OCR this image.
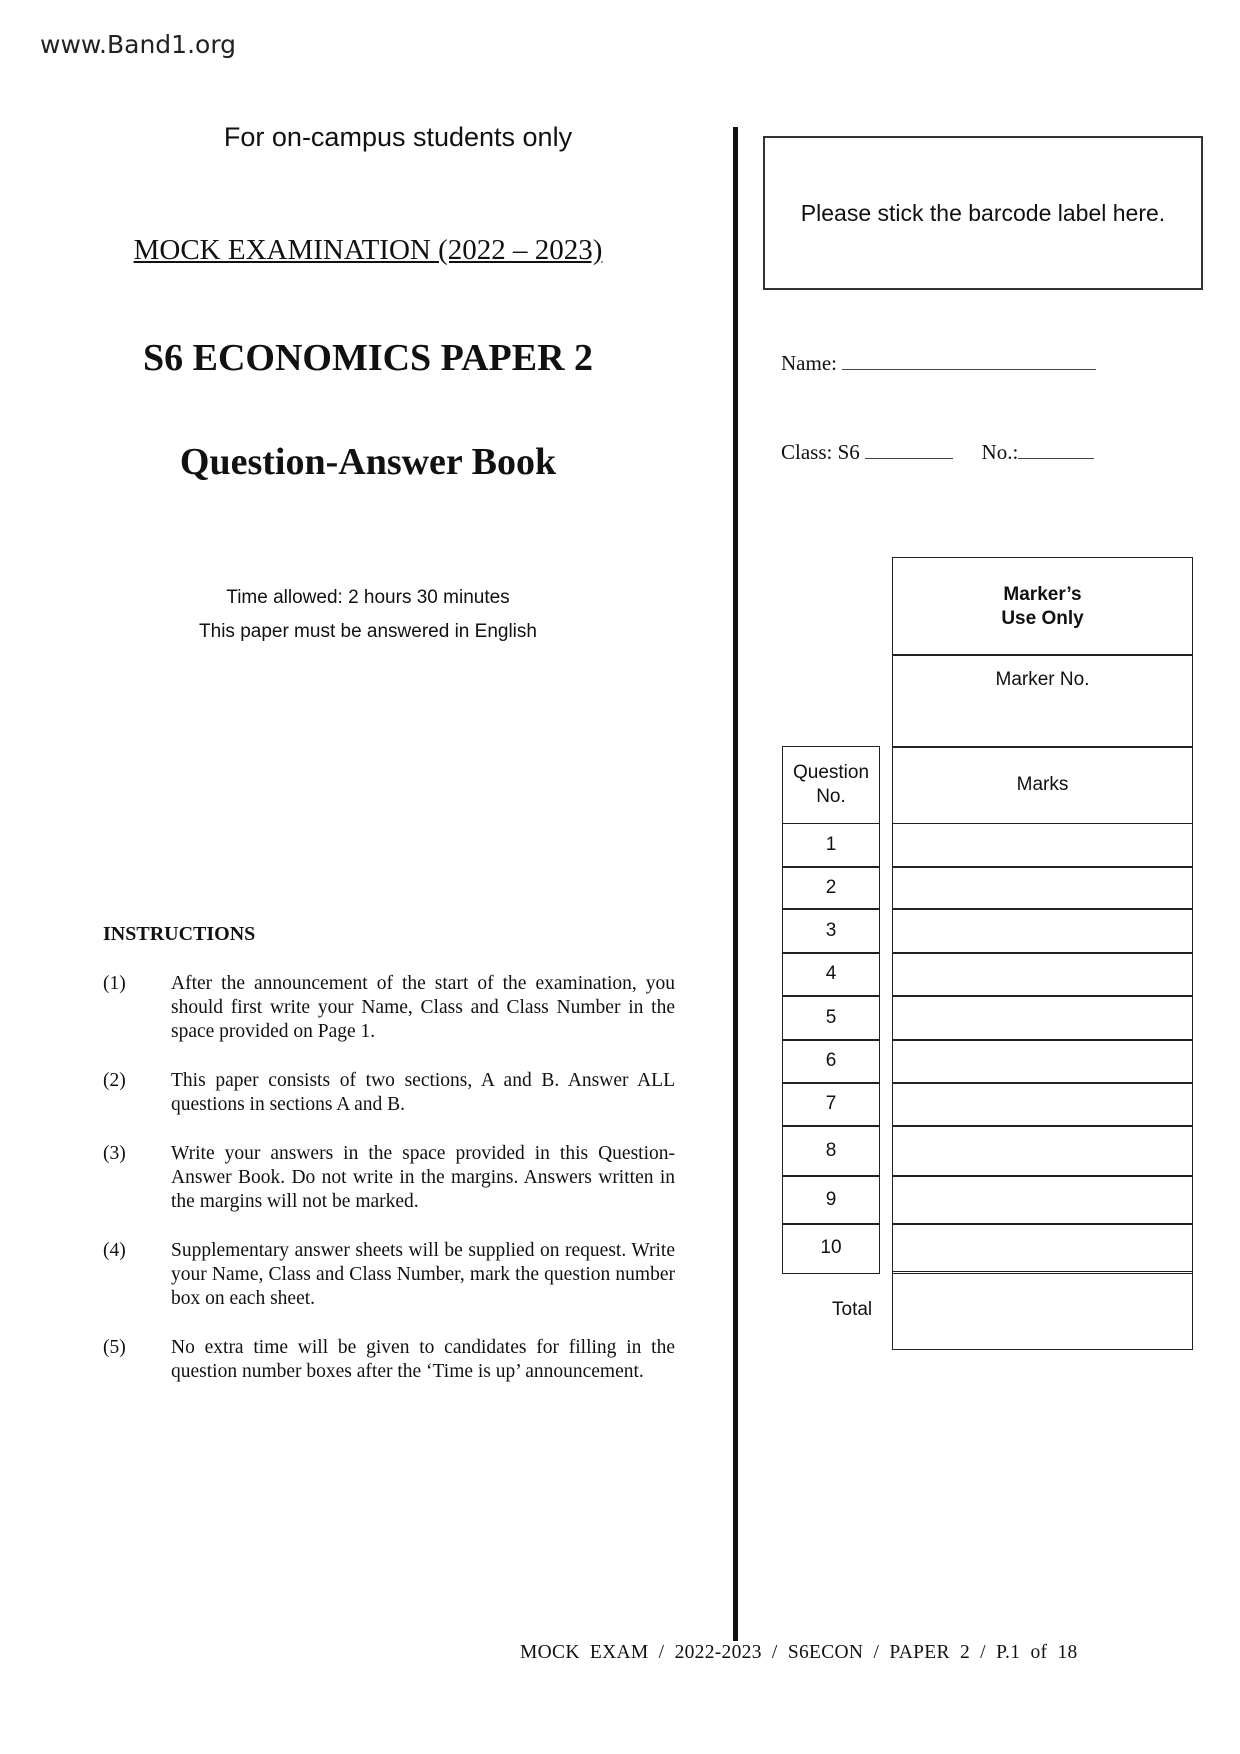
www.Band1.org
For on-campus students only
MOCK EXAMINATION (2022 – 2023)
S6 ECONOMICS PAPER 2
Question-Answer Book
Time allowed: 2 hours 30 minutes
This paper must be answered in English
Please stick the barcode label here.
Name:
Class: S6	No.:
Marker’s
Use Only
Marker No.
Question
No.
Marks
1
2
3
4
5
6
7
8
9
10
Total
INSTRUCTIONS
(1) After the announcement of the start of the examination, you should first write your Name, Class and Class Number in the space provided on Page 1.
(2) This paper consists of two sections, A and B. Answer ALL questions in sections A and B.
(3) Write your answers in the space provided in this Question-Answer Book. Do not write in the margins. Answers written in the margins will not be marked.
(4) Supplementary answer sheets will be supplied on request. Write your Name, Class and Class Number, mark the question number box on each sheet.
(5) No extra time will be given to candidates for filling in the question number boxes after the ‘Time is up’ announcement.
MOCK EXAM / 2022-2023 / S6ECON / PAPER 2 / P.1 of 18
